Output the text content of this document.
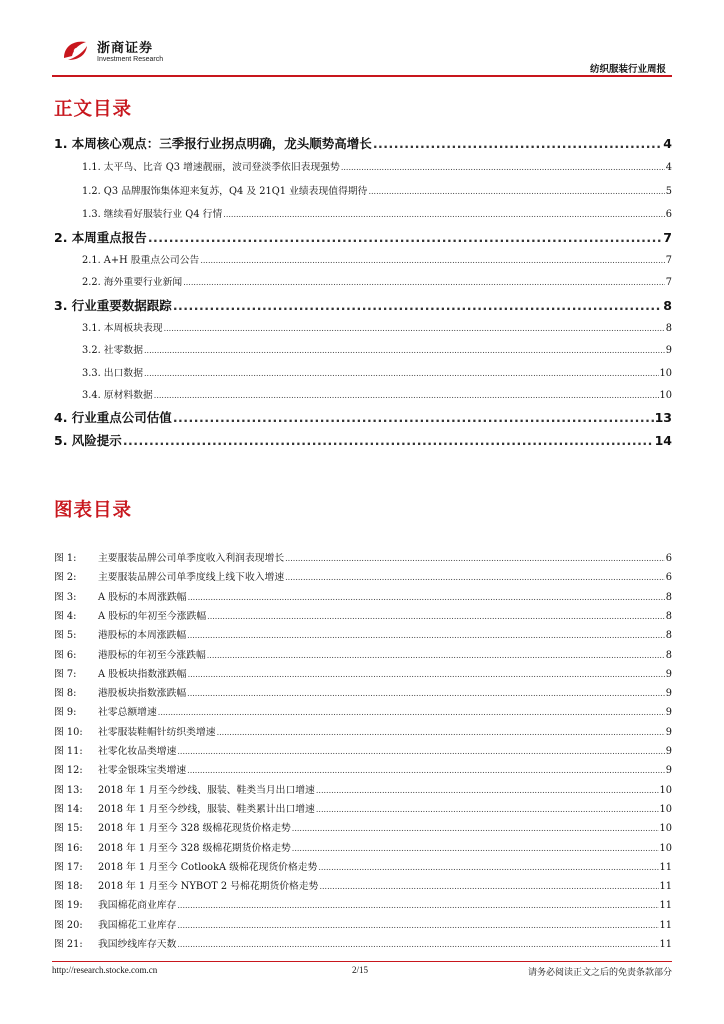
浙商证券
Investment Research
纺织服装行业周报
正文目录
1. 本周核心观点：三季报行业拐点明确，龙头顺势高增长 .....	4
1.1. 太平鸟、比音 Q3 增速靓丽，波司登淡季依旧表现强势 .....	4
1.2. Q3 品牌服饰集体迎来复苏，Q4 及 21Q1 业绩表现值得期待 .....	5
1.3. 继续看好服装行业 Q4 行情 .....	6
2. 本周重点报告 .....	7
2.1. A+H 股重点公司公告 .....	7
2.2. 海外重要行业新闻 .....	7
3. 行业重要数据跟踪 .....	8
3.1. 本周板块表现 .....	8
3.2. 社零数据 .....	9
3.3. 出口数据 .....	10
3.4. 原材料数据 .....	10
4. 行业重点公司估值 .....	13
5. 风险提示 .....	14
图表目录
图 1: 主要服装品牌公司单季度收入利润表现增长 .....	6
图 2: 主要服装品牌公司单季度线上线下收入增速 .....	6
图 3: A 股标的本周涨跌幅 .....	8
图 4: A 股标的年初至今涨跌幅 .....	8
图 5: 港股标的本周涨跌幅 .....	8
图 6: 港股标的年初至今涨跌幅 .....	8
图 7: A 股板块指数涨跌幅 .....	9
图 8: 港股板块指数涨跌幅 .....	9
图 9: 社零总额增速 .....	9
图 10: 社零服装鞋帽针纺织类增速 .....	9
图 11: 社零化妆品类增速 .....	9
图 12: 社零金银珠宝类增速 .....	9
图 13: 2018 年 1 月至今纱线、服装、鞋类当月出口增速 .....	10
图 14: 2018 年 1 月至今纱线，服装、鞋类累计出口增速 .....	10
图 15: 2018 年 1 月至今 328 级棉花现货价格走势 .....	10
图 16: 2018 年 1 月至今 328 级棉花期货价格走势 .....	10
图 17: 2018 年 1 月至今 CotlookA 级棉花现货价格走势 .....	11
图 18: 2018 年 1 月至今 NYBOT 2 号棉花期货价格走势 .....	11
图 19: 我国棉花商业库存 .....	11
图 20: 我国棉花工业库存 .....	11
图 21: 我国纱线库存天数 .....	11
http://research.stocke.com.cn	2/15	请务必阅读正文之后的免责条款部分
